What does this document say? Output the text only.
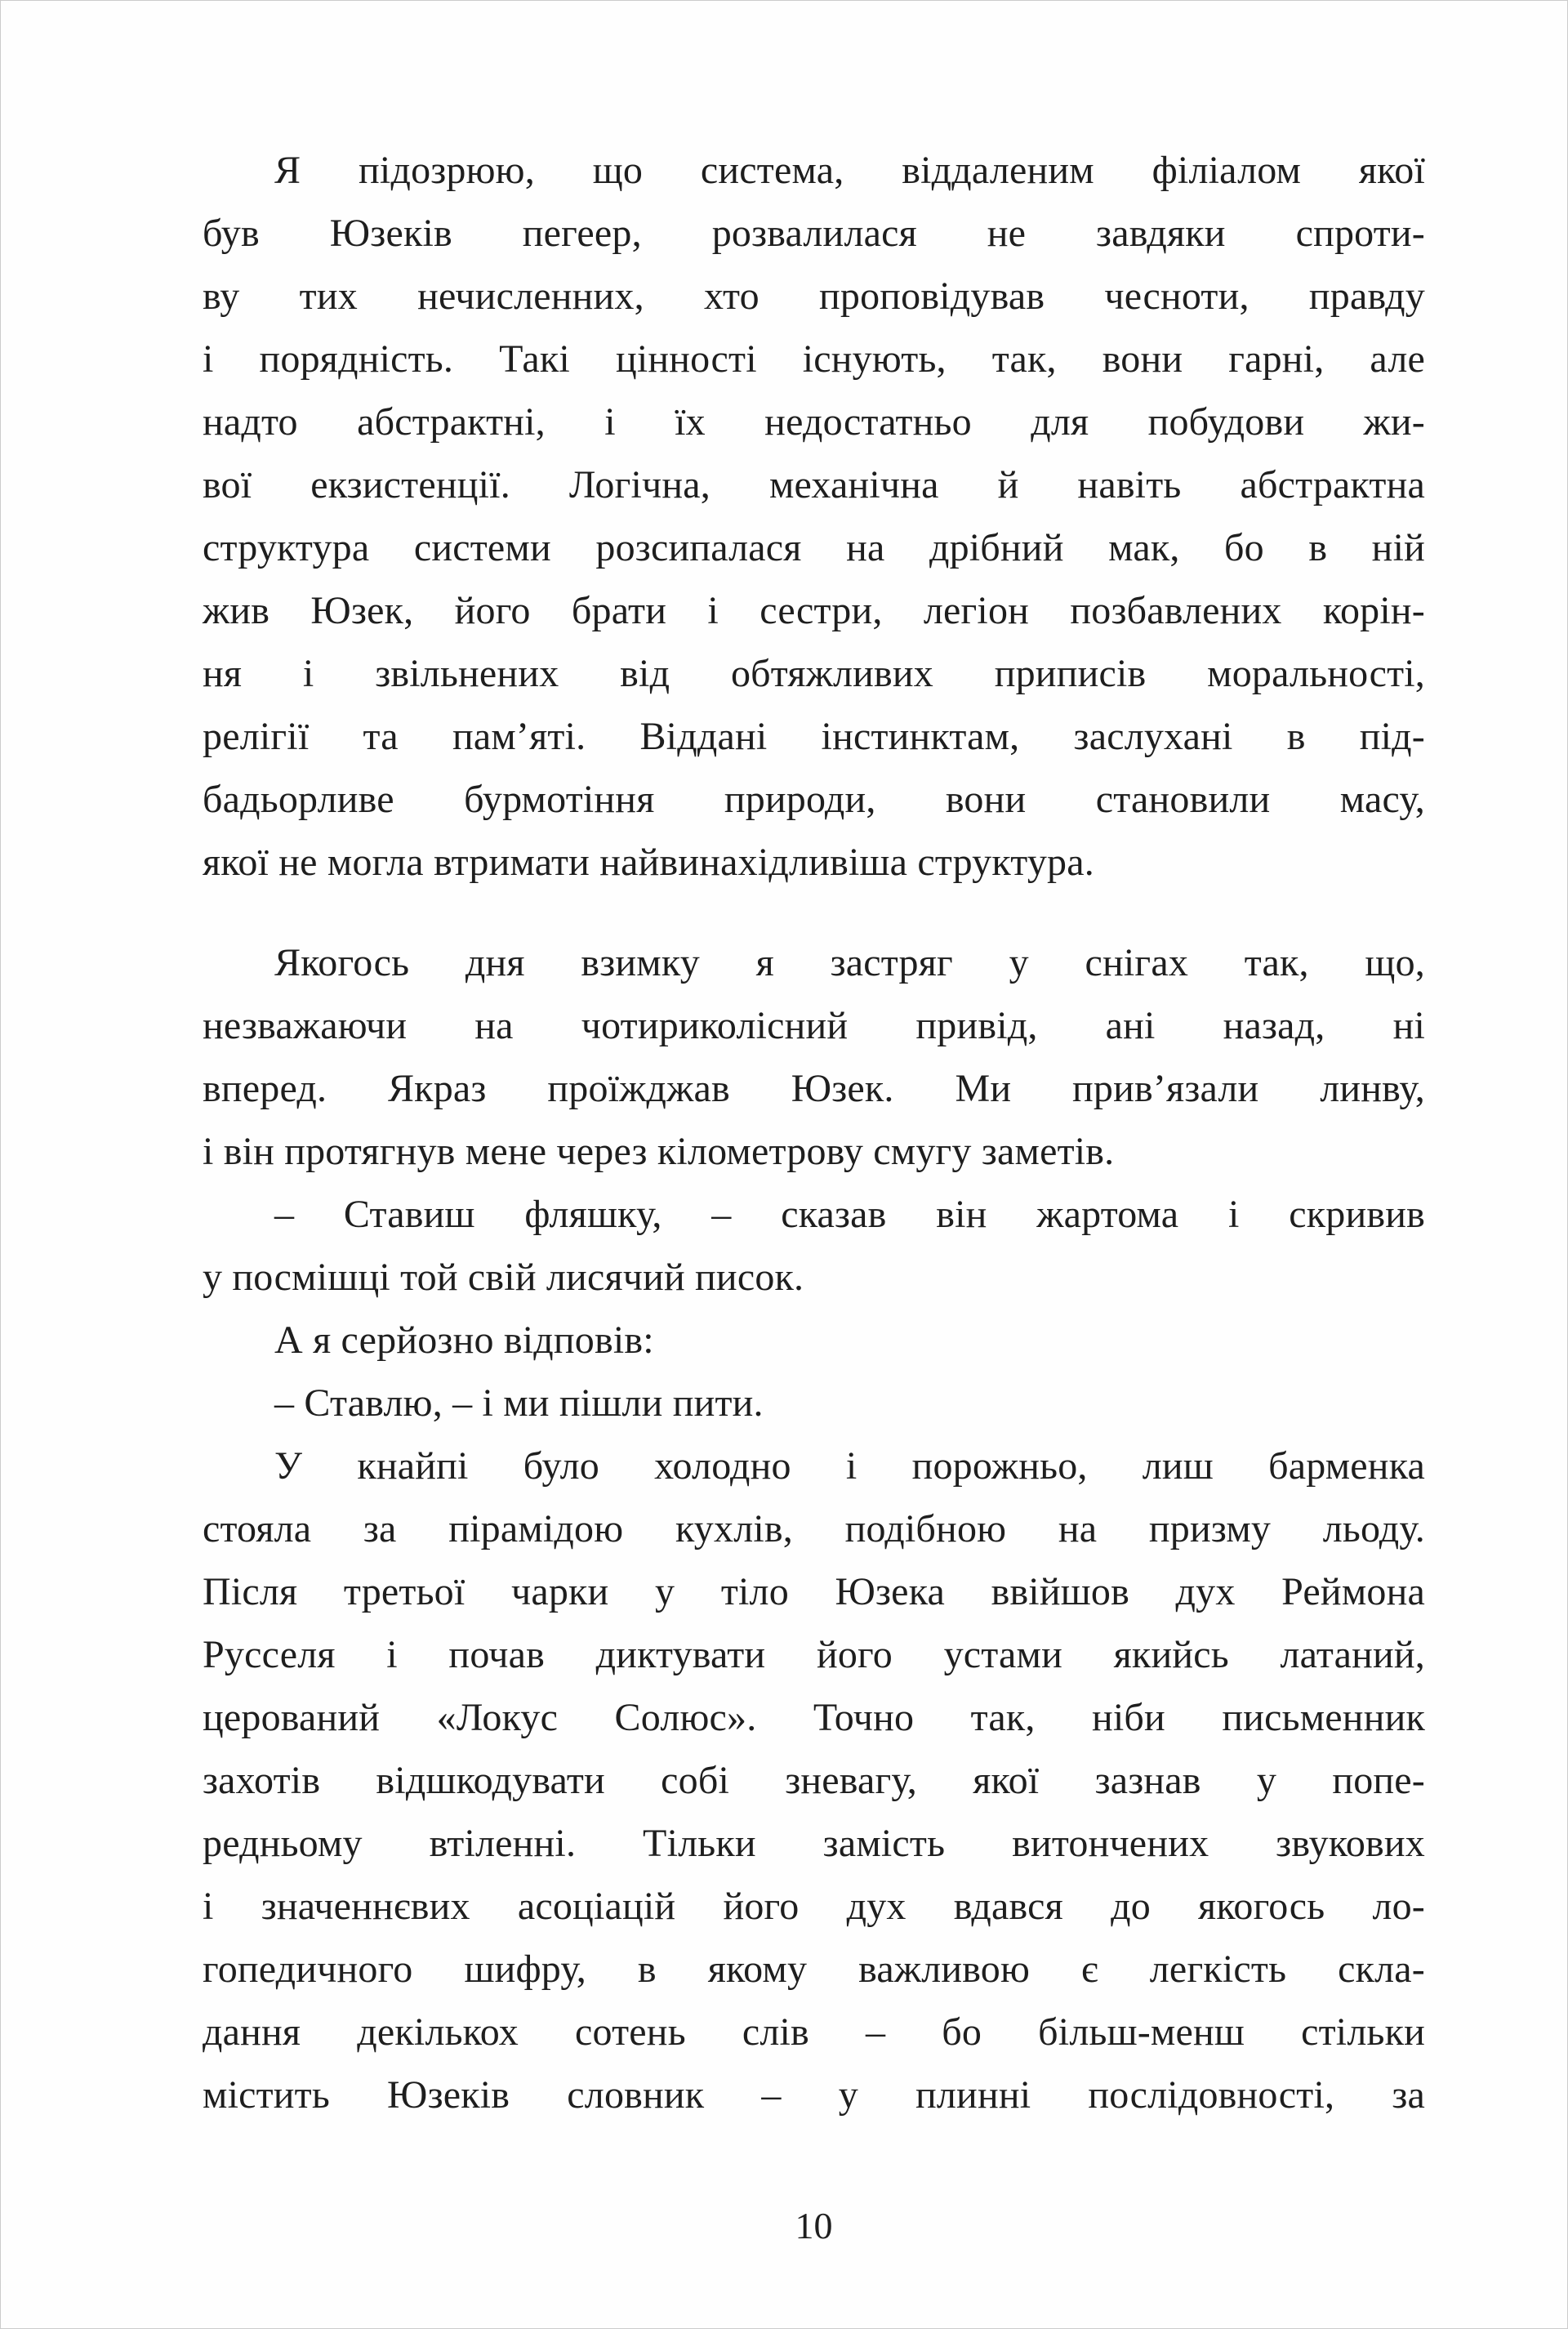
Я підозрюю, що система, віддаленим філіалом якої
був Юзеків пегеер, розвалилася не завдяки спроти-
ву тих нечисленних, хто проповідував чесноти, правду
і порядність. Такі цінності існують, так, вони гарні, але
надто абстрактні, і їх недостатньо для побудови жи-
вої екзистенції. Логічна, механічна й навіть абстрактна
структура системи розсипалася на дрібний мак, бо в ній
жив Юзек, його брати і сестри, легіон позбавлених корін-
ня і звільнених від обтяжливих приписів моральності,
релігії та пам’яті. Віддані інстинктам, заслухані в під-
бадьорливе бурмотіння природи, вони становили масу,
якої не могла втримати найвинахідливіша структура.
Якогось дня взимку я застряг у снігах так, що,
незважаючи на чотириколісний привід, ані назад, ні
вперед. Якраз проїжджав Юзек. Ми прив’язали линву,
і він протягнув мене через кілометрову смугу заметів.
– Ставиш фляшку, – сказав він жартома і скривив
у посмішці той свій лисячий писок.
А я серйозно відповів:
– Ставлю, – і ми пішли пити.
У кнайпі було холодно і порожньо, лиш барменка
стояла за пірамідою кухлів, подібною на призму льоду.
Після третьої чарки у тіло Юзека ввійшов дух Реймона
Русселя і почав диктувати його устами якийсь латаний,
церований «Локус Солюс». Точно так, ніби письменник
захотів відшкодувати собі зневагу, якої зазнав у попе-
редньому втіленні. Тільки замість витончених звукових
і значеннєвих асоціацій його дух вдався до якогось ло-
гопедичного шифру, в якому важливою є легкість скла-
дання декількох сотень слів – бо більш-менш стільки
містить Юзеків словник – у плинні послідовності, за
10
